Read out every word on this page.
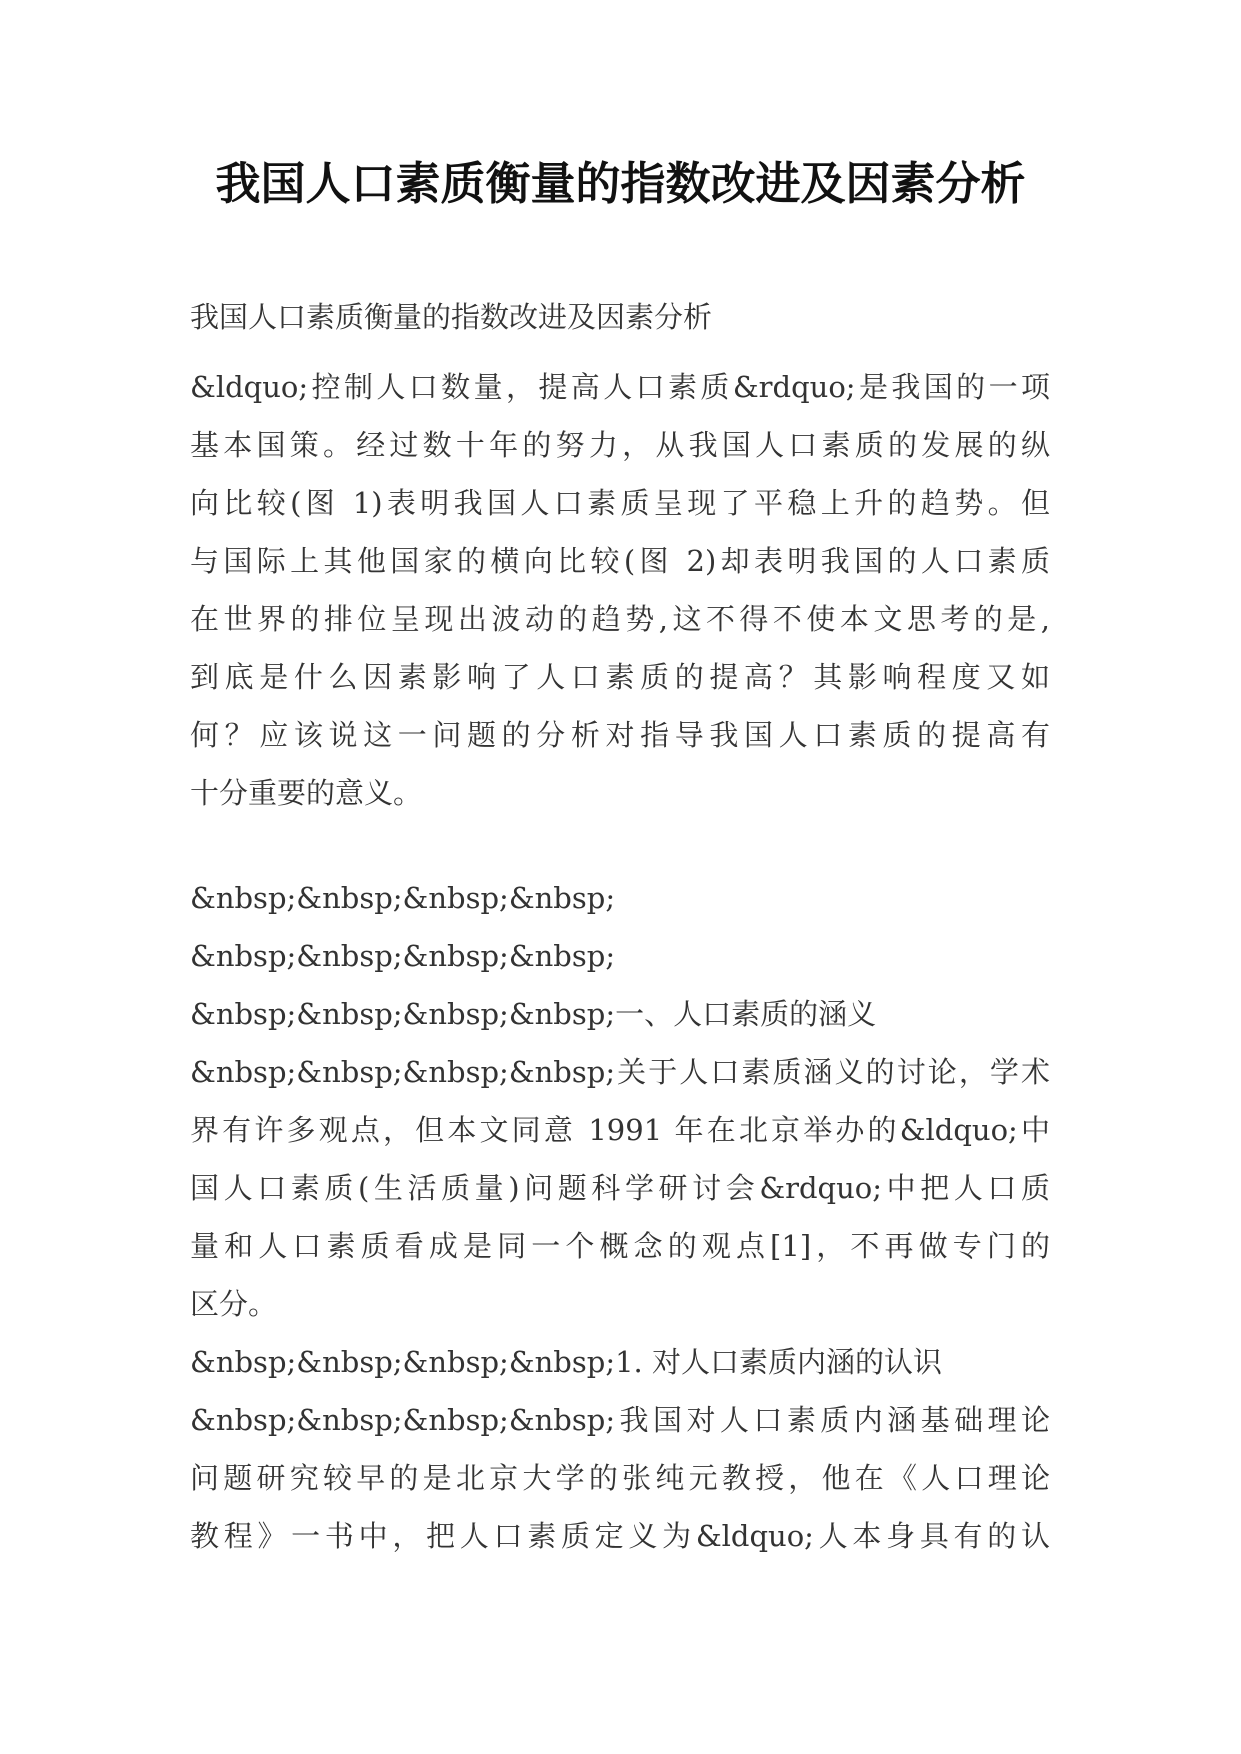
我国人口素质衡量的指数改进及因素分析
我国人口素质衡量的指数改进及因素分析
&ldquo;控制人口数量，提高人口素质&rdquo;是我国的一项
基本国策。经过数十年的努力，从我国人口素质的发展的纵
向比较(图 1)表明我国人口素质呈现了平稳上升的趋势。但
与国际上其他国家的横向比较(图 2)却表明我国的人口素质
在世界的排位呈现出波动的趋势,这不得不使本文思考的是,
到底是什么因素影响了人口素质的提高？其影响程度又如
何？应该说这一问题的分析对指导我国人口素质的提高有
十分重要的意义。
&nbsp;&nbsp;&nbsp;&nbsp;
&nbsp;&nbsp;&nbsp;&nbsp;
&nbsp;&nbsp;&nbsp;&nbsp;一、人口素质的涵义
&nbsp;&nbsp;&nbsp;&nbsp;关于人口素质涵义的讨论，学术
界有许多观点，但本文同意 1991 年在北京举办的&ldquo;中
国人口素质(生活质量)问题科学研讨会&rdquo;中把人口质
量和人口素质看成是同一个概念的观点[1]，不再做专门的
区分。
&nbsp;&nbsp;&nbsp;&nbsp;1. 对人口素质内涵的认识
&nbsp;&nbsp;&nbsp;&nbsp;我国对人口素质内涵基础理论
问题研究较早的是北京大学的张纯元教授，他在《人口理论
教程》一书中，把人口素质定义为&ldquo;人本身具有的认
